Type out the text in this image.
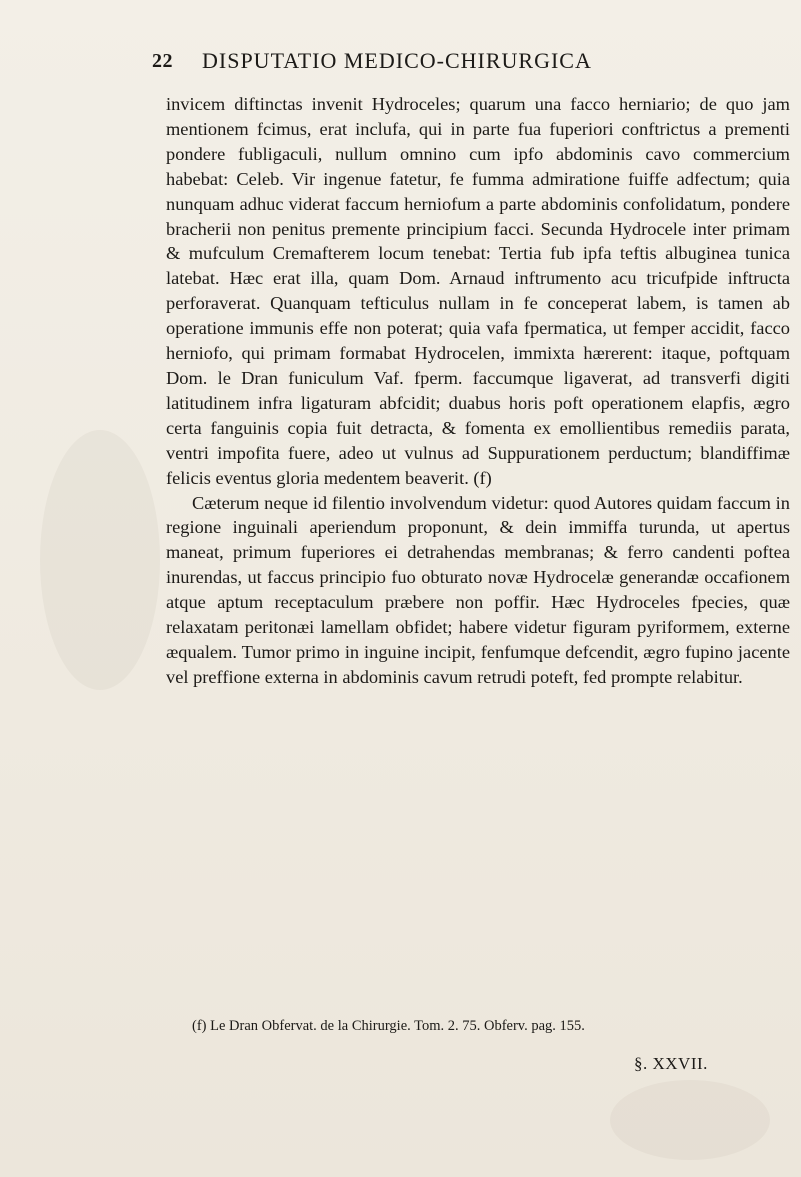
22 DISPUTATIO MEDICO-CHIRURGICA

invicem diftinctas invenit Hydroceles; quarum una facco herniario; de quo jam mentionem fcimus, erat inclufa, qui in parte fua fuperiori conftrictus a prementi pondere fubligaculi, nullum omnino cum ipfo abdominis cavo commercium habebat: Celeb. Vir ingenue fatetur, fe fumma admiratione fuiffe adfectum; quia nunquam adhuc viderat faccum herniofum a parte abdominis confolidatum, pondere bracherii non penitus premente principium facci. Secunda Hydrocele inter primam & mufculum Cremafterem locum tenebat: Tertia fub ipfa teftis albuginea tunica latebat. Hæc erat illa, quam Dom. Arnaud inftrumento acu tricufpide inftructa perforaverat. Quanquam tefticulus nullam in fe conceperat labem, is tamen ab operatione immunis effe non poterat; quia vafa fpermatica, ut femper accidit, facco herniofo, qui primam formabat Hydrocelen, immixta hærerent: itaque, poftquam Dom. le Dran funiculum Vaf. fperm. faccumque ligaverat, ad transverfi digiti latitudinem infra ligaturam abfcidit; duabus horis poft operationem elapfis, ægro certa fanguinis copia fuit detracta, & fomenta ex emollientibus remediis parata, ventri impofita fuere, adeo ut vulnus ad Suppurationem perductum; blandiffimæ felicis eventus gloria medentem beaverit. (f)

Cæterum neque id filentio involvendum videtur: quod Autores quidam faccum in regione inguinali aperiendum proponunt, & dein immiffa turunda, ut apertus maneat, primum fuperiores ei detrahendas membranas; & ferro candenti poftea inurendas, ut faccus principio fuo obturato novæ Hydrocelæ generandæ occafionem atque aptum receptaculum præbere non poffir. Hæc Hydroceles fpecies, quæ relaxatam peritonæi lamellam obfidet; habere videtur figuram pyriformem, externe æqualem. Tumor primo in inguine incipit, fenfumque defcendit, ægro fupino jacente vel preffione externa in abdominis cavum retrudi poteft, fed prompte relabitur.

(f) Le Dran Obfervat. de la Chirurgie. Tom. 2. 75. Obferv. pag. 155.
§. XXVII.
